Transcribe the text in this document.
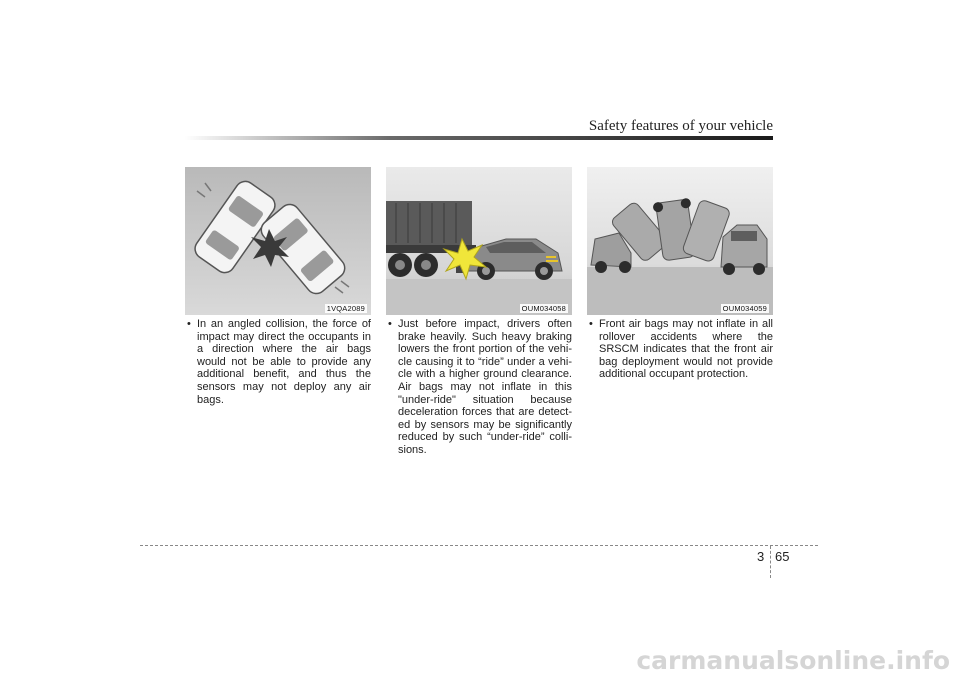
Safety features of your vehicle
1VQA2089	OUM034058	OUM034059
• In an angled collision, the force of impact may direct the occupants in a direction where the air bags would not be able to provide any additional benefit, and thus the sensors may not deploy any air bags.
• Just before impact, drivers often brake heavily. Such heavy braking lowers the front portion of the vehi-cle causing it to “ride” under a vehi-cle with a higher ground clearance. Air bags may not inflate in this "under-ride" situation because deceleration forces that are detect-ed by sensors may be significantly reduced by such “under-ride” colli-sions.
• Front air bags may not inflate in all rollover accidents where the SRSCM indicates that the front air bag deployment would not provide additional occupant protection.
3 65
carmanualsonline.info
